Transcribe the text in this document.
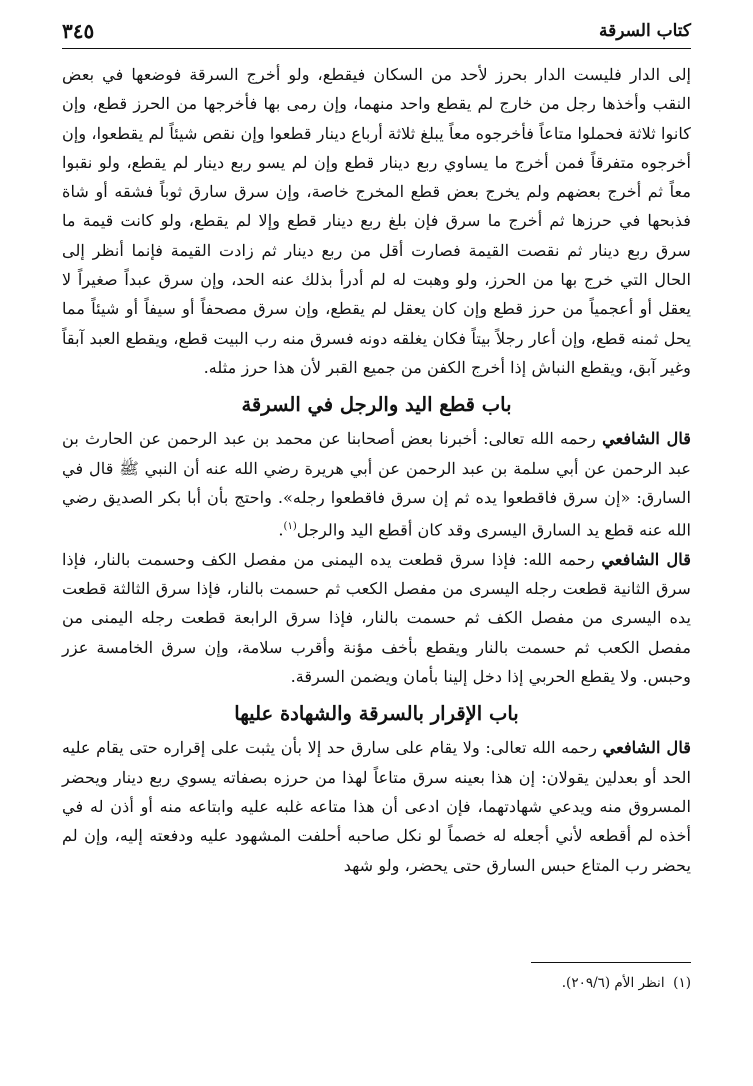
كتاب السرقة
٣٤٥

إلى الدار فليست الدار بحرز لأحد من السكان فيقطع، ولو أخرج السرقة فوضعها في بعض النقب وأخذها رجل من خارج لم يقطع واحد منهما، وإن رمى بها فأخرجها من الحرز قطع، وإن كانوا ثلاثة فحملوا متاعاً فأخرجوه معاً يبلغ ثلاثة أرباع دينار قطعوا وإن نقص شيئاً لم يقطعوا، وإن أخرجوه متفرقاً فمن أخرج ما يساوي ربع دينار قطع وإن لم يسو ربع دينار لم يقطع، ولو نقبوا معاً ثم أخرج بعضهم ولم يخرج بعض قطع المخرج خاصة، وإن سرق سارق ثوباً فشقه أو شاة فذبحها في حرزها ثم أخرج ما سرق فإن بلغ ربع دينار قطع وإلا لم يقطع، ولو كانت قيمة ما سرق ربع دينار ثم نقصت القيمة فصارت أقل من ربع دينار ثم زادت القيمة فإنما أنظر إلى الحال التي خرج بها من الحرز، ولو وهبت له لم أدرأ بذلك عنه الحد، وإن سرق عبداً صغيراً لا يعقل أو أعجمياً من حرز قطع وإن كان يعقل لم يقطع، وإن سرق مصحفاً أو سيفاً أو شيئاً مما يحل ثمنه قطع، وإن أعار رجلاً بيتاً فكان يغلقه دونه فسرق منه رب البيت قطع، ويقطع العبد آبقاً وغير آبق، ويقطع النباش إذا أخرج الكفن من جميع القبر لأن هذا حرز مثله.

باب قطع اليد والرجل في السرقة

قال الشافعي رحمه الله تعالى: أخبرنا بعض أصحابنا عن محمد بن عبد الرحمن عن الحارث بن عبد الرحمن عن أبي سلمة بن عبد الرحمن عن أبي هريرة رضي الله عنه أن النبي ﷺ قال في السارق: «إن سرق فاقطعوا يده ثم إن سرق فاقطعوا رجله». واحتج بأن أبا بكر الصديق رضي الله عنه قطع يد السارق اليسرى وقد كان أقطع اليد والرجل$^{(١)}$.

قال الشافعي رحمه الله: فإذا سرق قطعت يده اليمنى من مفصل الكف وحسمت بالنار، فإذا سرق الثانية قطعت رجله اليسرى من مفصل الكعب ثم حسمت بالنار، فإذا سرق الثالثة قطعت يده اليسرى من مفصل الكف ثم حسمت بالنار، فإذا سرق الرابعة قطعت رجله اليمنى من مفصل الكعب ثم حسمت بالنار ويقطع بأخف مؤنة وأقرب سلامة، وإن سرق الخامسة عزر وحبس. ولا يقطع الحربي إذا دخل إلينا بأمان ويضمن السرقة.

باب الإقرار بالسرقة والشهادة عليها

قال الشافعي رحمه الله تعالى: ولا يقام على سارق حد إلا بأن يثبت على إقراره حتى يقام عليه الحد أو بعدلين يقولان: إن هذا بعينه سرق متاعاً لهذا من حرزه بصفاته يسوي ربع دينار ويحضر المسروق منه ويدعي شهادتهما، فإن ادعى أن هذا متاعه غلبه عليه وابتاعه منه أو أذن له في أخذه لم أقطعه لأني أجعله له خصماً لو نكل صاحبه أحلفت المشهود عليه ودفعته إليه، وإن لم يحضر رب المتاع حبس السارق حتى يحضر، ولو شهد

(١)  انظر الأم (٢٠٩/٦).
